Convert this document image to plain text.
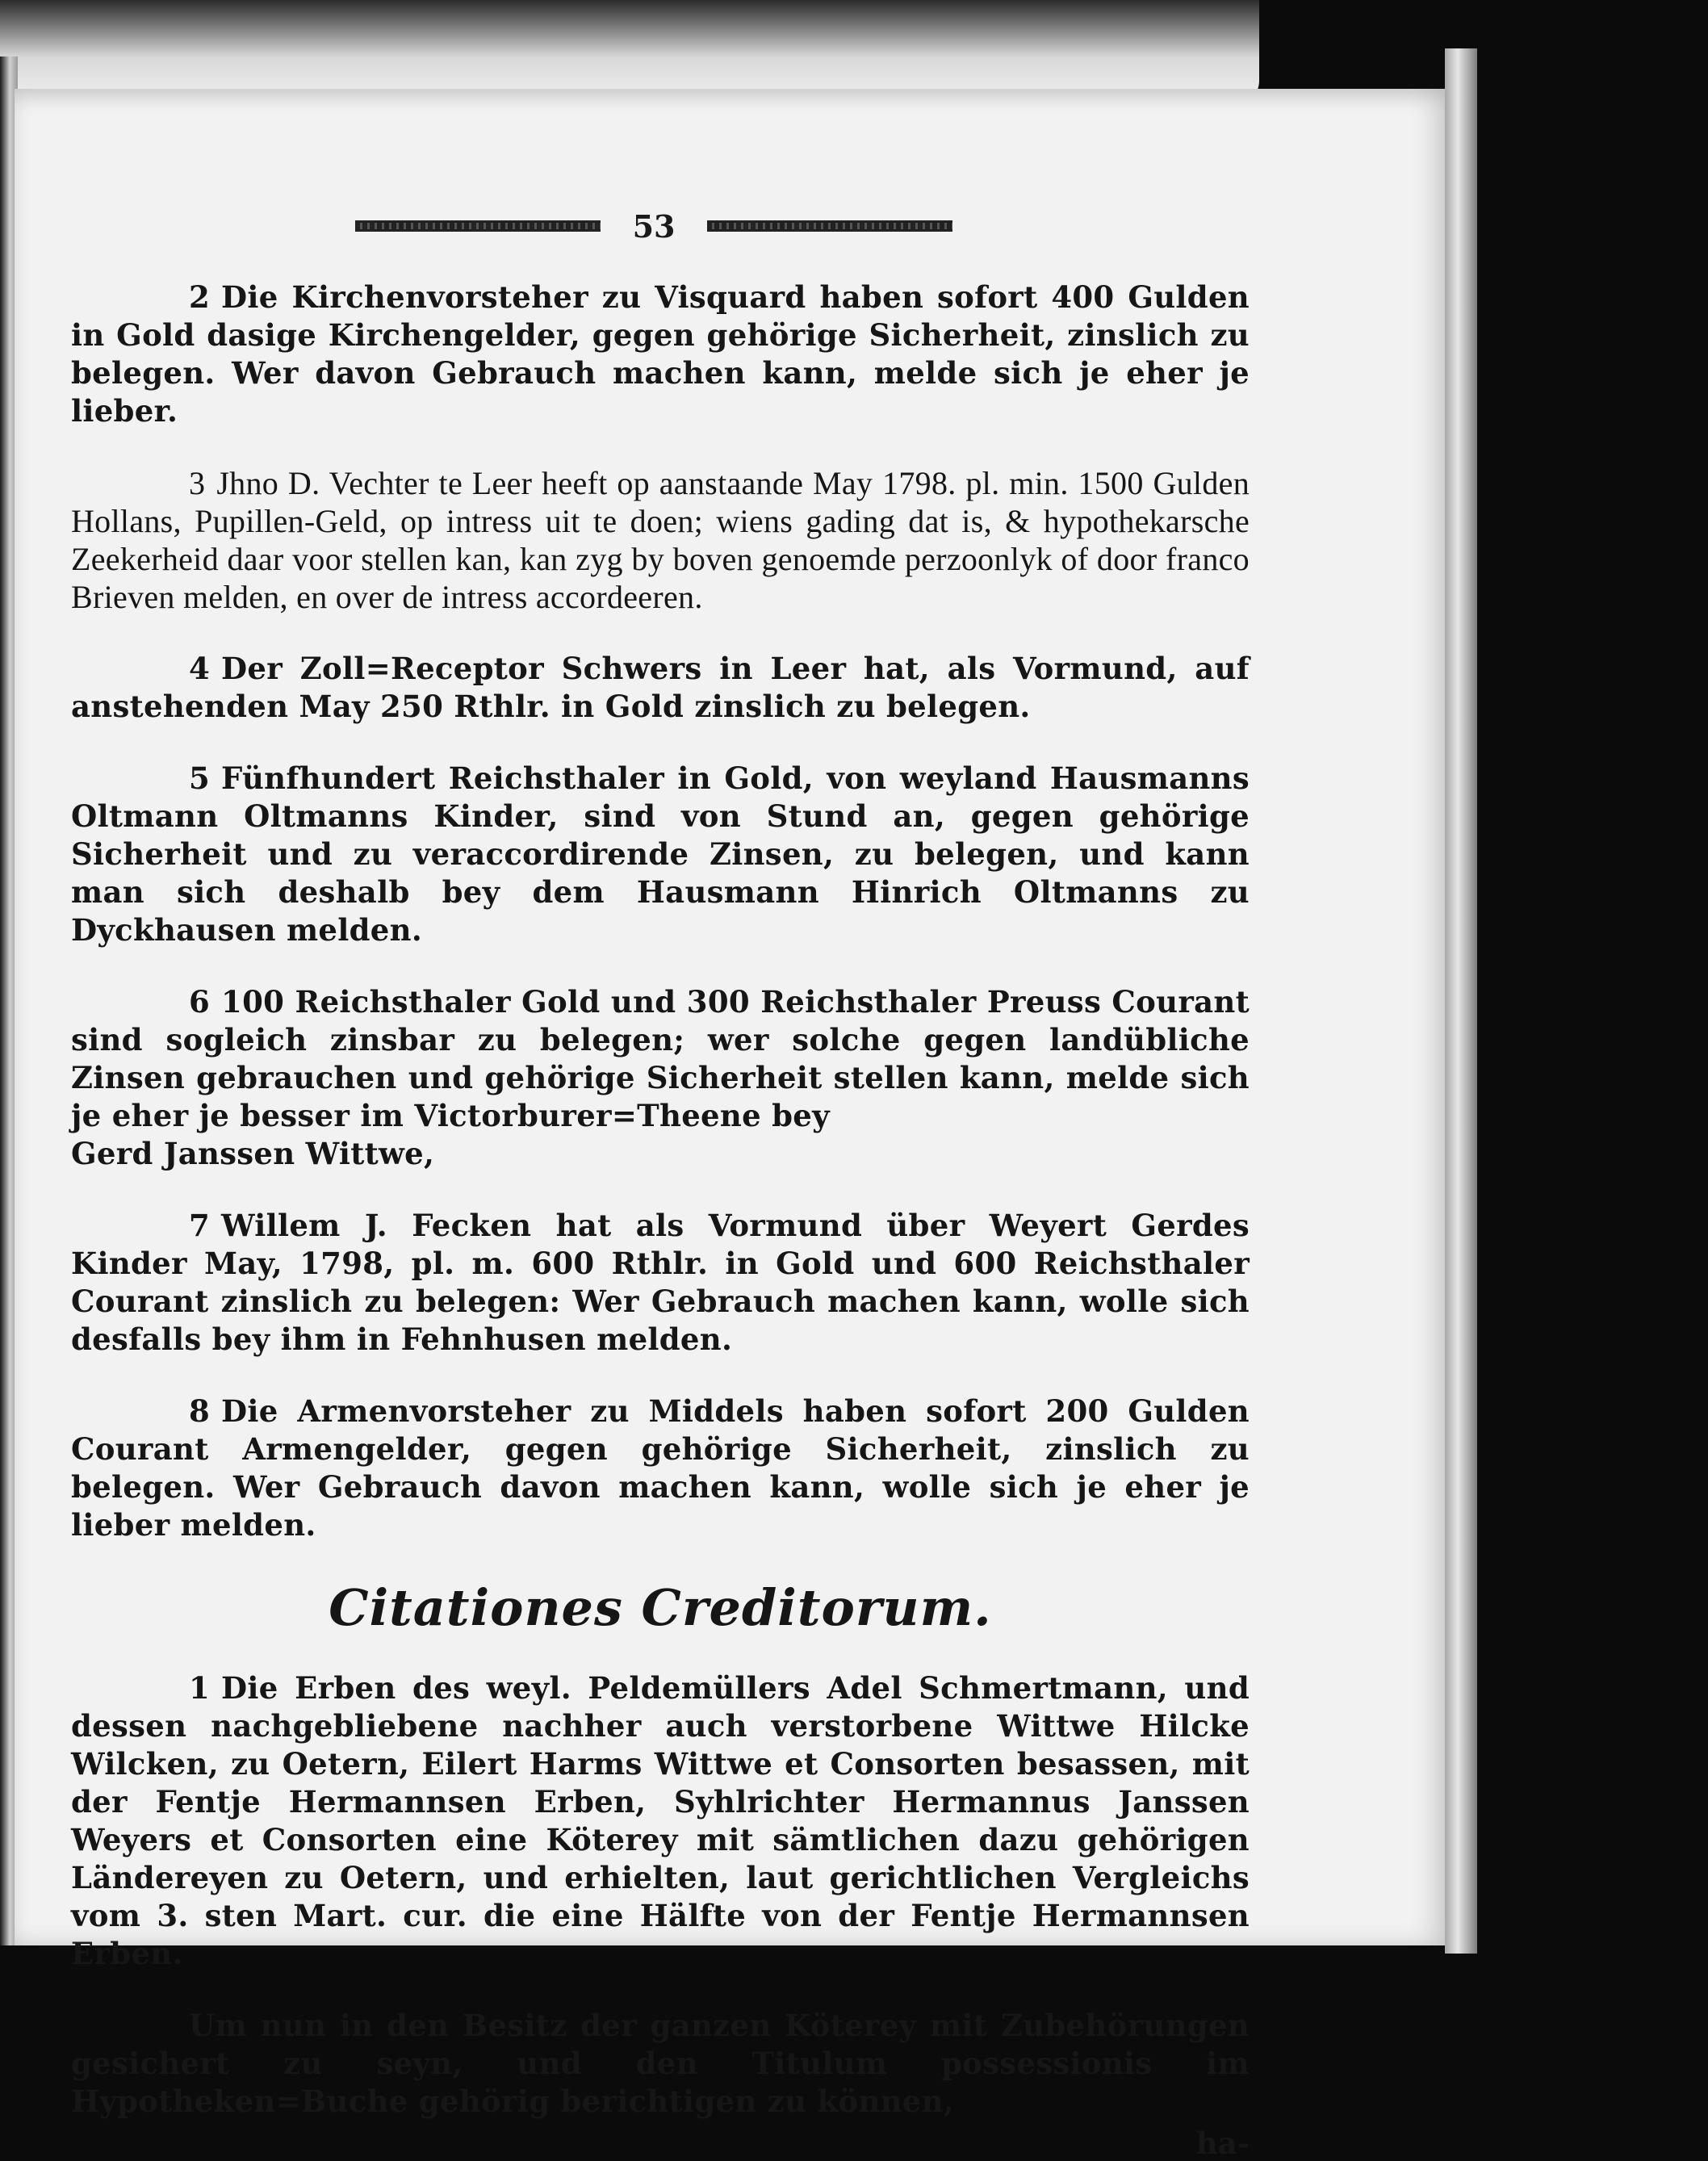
53

2 Die Kirchenvorsteher zu Visquard haben sofort 400 Gulden in Gold dasige Kirchengelder, gegen gehörige Sicherheit, zinslich zu belegen. Wer davon Gebrauch machen kann, melde sich je eher je lieber.

3 Jhno D. Vechter te Leer heeft op aanstaande May 1798. pl. min. 1500 Gulden Hollans, Pupillen-Geld, op intress uit te doen; wiens gading dat is, & hypothekarsche Zeekerheid daar voor stellen kan, kan zyg by boven genoemde perzoonlyk of door franco Brieven melden, en over de intress accordeeren.

4 Der Zoll=Receptor Schwers in Leer hat, als Vormund, auf anstehenden May 250 Rthlr. in Gold zinslich zu belegen.

5 Fünfhundert Reichsthaler in Gold, von weyland Hausmanns Oltmann Oltmanns Kinder, sind von Stund an, gegen gehörige Sicherheit und zu veraccordirende Zinsen, zu belegen, und kann man sich deshalb bey dem Hausmann Hinrich Oltmanns zu Dyckhausen melden.

6 100 Reichsthaler Gold und 300 Reichsthaler Preuss Courant sind sogleich zinsbar zu belegen; wer solche gegen landübliche Zinsen gebrauchen und gehörige Sicherheit stellen kann, melde sich je eher je besser im Victorburer=Theene bey
Gerd Janssen Wittwe,

7 Willem J. Fecken hat als Vormund über Weyert Gerdes Kinder May, 1798, pl. m. 600 Rthlr. in Gold und 600 Reichsthaler Courant zinslich zu belegen: Wer Gebrauch machen kann, wolle sich desfalls bey ihm in Fehnhusen melden.

8 Die Armenvorsteher zu Middels haben sofort 200 Gulden Courant Armengelder, gegen gehörige Sicherheit, zinslich zu belegen. Wer Gebrauch davon machen kann, wolle sich je eher je lieber melden.

Citationes Creditorum.

1 Die Erben des weyl. Peldemüllers Adel Schmertmann, und dessen nachgebliebene nachher auch verstorbene Wittwe Hilcke Wilcken, zu Oetern, Eilert Harms Wittwe et Consorten besassen, mit der Fentje Hermannsen Erben, Syhlrichter Hermannus Janssen Weyers et Consorten eine Köterey mit sämtlichen dazu gehörigen Ländereyen zu Oetern, und erhielten, laut gerichtlichen Vergleichs vom 3. sten Mart. cur. die eine Hälfte von der Fentje Hermannsen Erben.

Um nun in den Besitz der ganzen Köterey mit Zubehörungen gesichert zu seyn, und den Titulum possessionis im Hypotheken=Buche gehörig berichtigen zu können,

ha-
